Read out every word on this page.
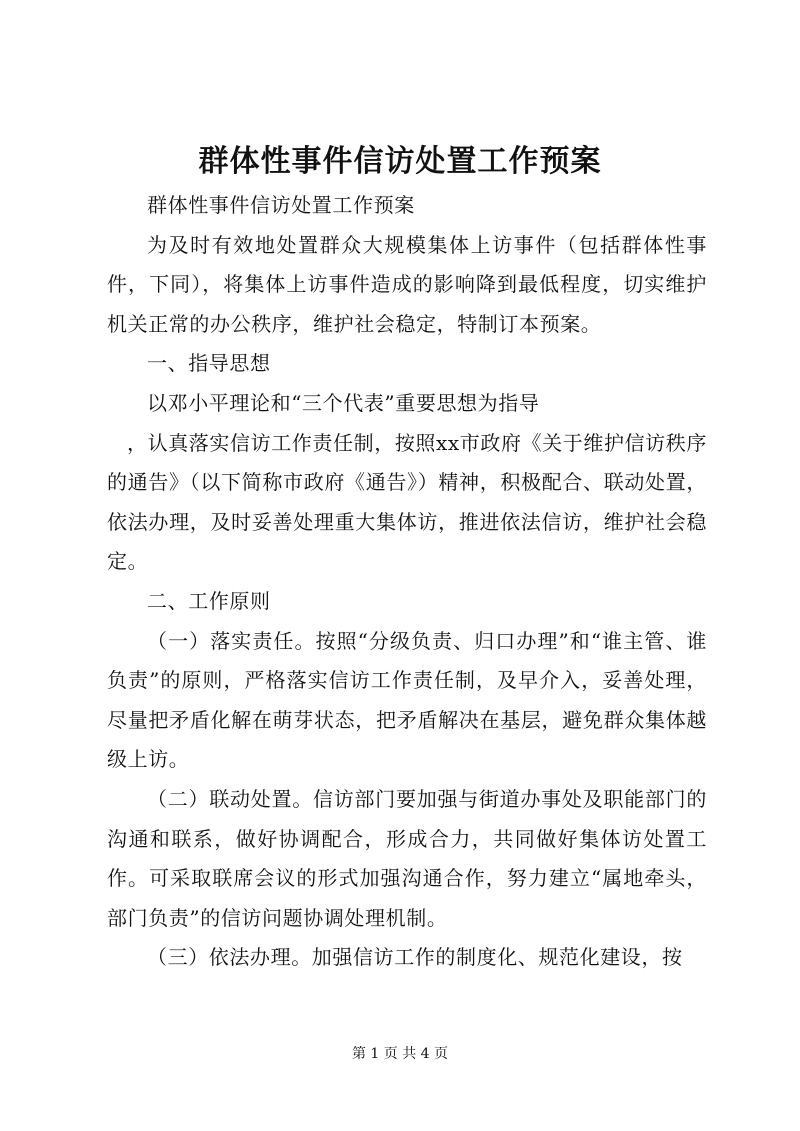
群体性事件信访处置工作预案

群体性事件信访处置工作预案

为及时有效地处置群众大规模集体上访事件（包括群体性事件，下同），将集体上访事件造成的影响降到最低程度，切实维护机关正常的办公秩序，维护社会稳定，特制订本预案。

一、指导思想

以邓小平理论和“三个代表”重要思想为指导

，认真落实信访工作责任制，按照xx市政府《关于维护信访秩序的通告》（以下简称市政府《通告》）精神，积极配合、联动处置，依法办理，及时妥善处理重大集体访，推进依法信访，维护社会稳定。

二、工作原则

（一）落实责任。按照“分级负责、归口办理”和“谁主管、谁负责”的原则，严格落实信访工作责任制，及早介入，妥善处理，尽量把矛盾化解在萌芽状态，把矛盾解决在基层，避免群众集体越级上访。

（二）联动处置。信访部门要加强与街道办事处及职能部门的沟通和联系，做好协调配合，形成合力，共同做好集体访处置工作。可采取联席会议的形式加强沟通合作，努力建立“属地牵头，部门负责”的信访问题协调处理机制。

（三）依法办理。加强信访工作的制度化、规范化建设，按

第 1 页 共 4 页
